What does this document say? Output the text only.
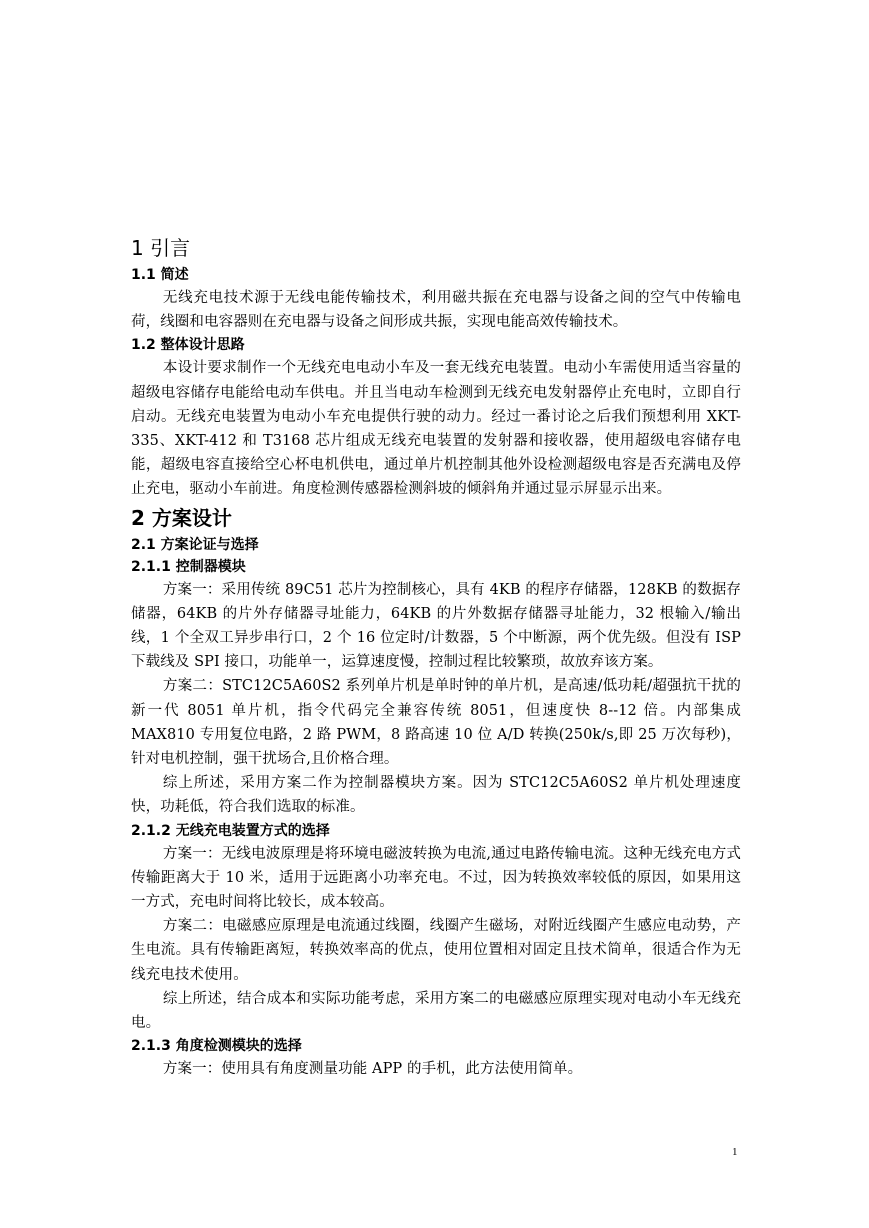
1 引言
1.1 简述

无线充电技术源于无线电能传输技术，利用磁共振在充电器与设备之间的空气中传输电荷，线圈和电容器则在充电器与设备之间形成共振，实现电能高效传输技术。

1.2 整体设计思路

本设计要求制作一个无线充电电动小车及一套无线充电装置。电动小车需使用适当容量的超级电容储存电能给电动车供电。并且当电动车检测到无线充电发射器停止充电时，立即自行启动。无线充电装置为电动小车充电提供行驶的动力。经过一番讨论之后我们预想利用 XKT-335、XKT-412 和 T3168 芯片组成无线充电装置的发射器和接收器，使用超级电容储存电能，超级电容直接给空心杯电机供电，通过单片机控制其他外设检测超级电容是否充满电及停止充电，驱动小车前进。角度检测传感器检测斜坡的倾斜角并通过显示屏显示出来。

2 方案设计
2.1 方案论证与选择
2.1.1 控制器模块

方案一：采用传统 89C51 芯片为控制核心，具有 4KB 的程序存储器，128KB 的数据存储器，64KB 的片外存储器寻址能力，64KB 的片外数据存储器寻址能力，32 根输入/输出线，1 个全双工异步串行口，2 个 16 位定时/计数器，5 个中断源，两个优先级。但没有 ISP 下载线及 SPI 接口，功能单一，运算速度慢，控制过程比较繁琐，故放弃该方案。

方案二：STC12C5A60S2 系列单片机是单时钟的单片机，是高速/低功耗/超强抗干扰的新一代 8051 单片机，指令代码完全兼容传统 8051，但速度快 8--12 倍。内部集成 MAX810 专用复位电路，2 路 PWM，8 路高速 10 位 A/D 转换(250k/s,即 25 万次每秒)，针对电机控制，强干扰场合,且价格合理。

综上所述，采用方案二作为控制器模块方案。因为 STC12C5A60S2 单片机处理速度快，功耗低，符合我们选取的标准。

2.1.2 无线充电装置方式的选择

方案一：无线电波原理是将环境电磁波转换为电流,通过电路传输电流。这种无线充电方式传输距离大于 10 米，适用于远距离小功率充电。不过，因为转换效率较低的原因，如果用这一方式，充电时间将比较长，成本较高。

方案二：电磁感应原理是电流通过线圈，线圈产生磁场，对附近线圈产生感应电动势，产生电流。具有传输距离短，转换效率高的优点，使用位置相对固定且技术简单，很适合作为无线充电技术使用。

综上所述，结合成本和实际功能考虑，采用方案二的电磁感应原理实现对电动小车无线充电。

2.1.3 角度检测模块的选择

方案一：使用具有角度测量功能 APP 的手机，此方法使用简单。

1
